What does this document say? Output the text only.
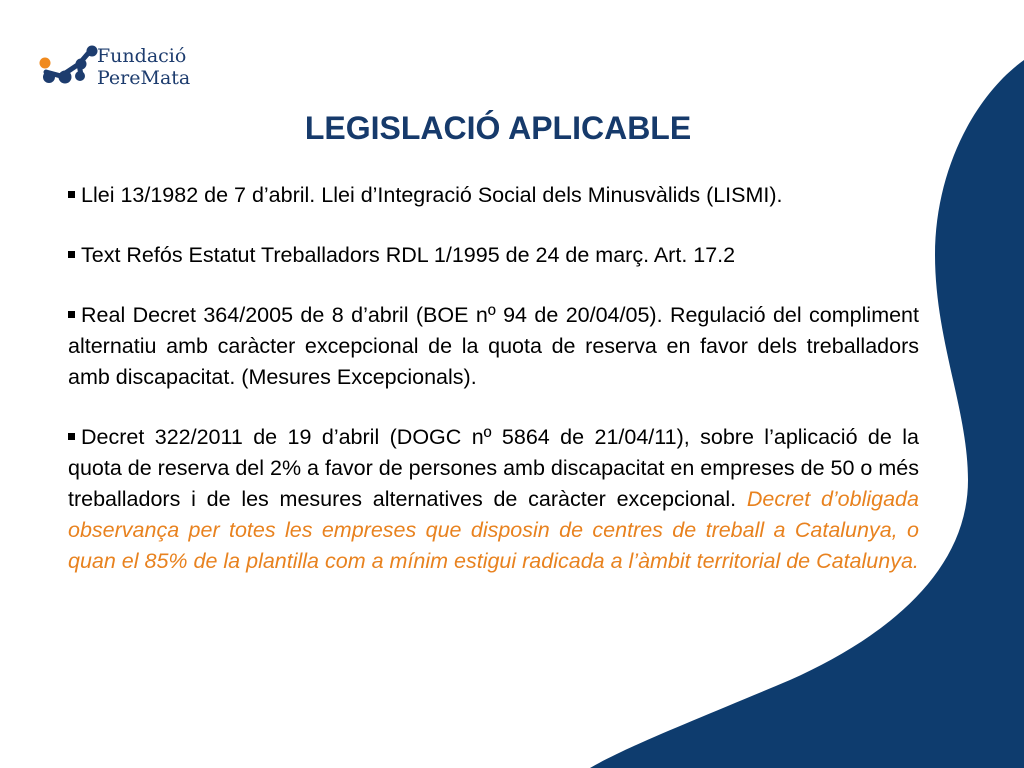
Fundació
PereMata
LEGISLACIÓ APLICABLE

Llei 13/1982 de 7 d’abril. Llei d’Integració Social dels Minusvàlids (LISMI).

Text Refós Estatut Treballadors RDL 1/1995 de 24 de març. Art. 17.2

Real Decret 364/2005 de 8 d’abril (BOE nº 94 de 20/04/05). Regulació del compliment alternatiu amb caràcter excepcional de la quota de reserva en favor dels treballadors amb discapacitat. (Mesures Excepcionals).

Decret 322/2011 de 19 d’abril (DOGC nº 5864 de 21/04/11), sobre l’aplicació de la quota de reserva del 2% a favor de persones amb discapacitat en empreses de 50 o més treballadors i de les mesures alternatives de caràcter excepcional. Decret d’obligada observança per totes les empreses que disposin de centres de treball a Catalunya, o quan el 85% de la plantilla com a mínim estigui radicada a l’àmbit territorial de Catalunya.
